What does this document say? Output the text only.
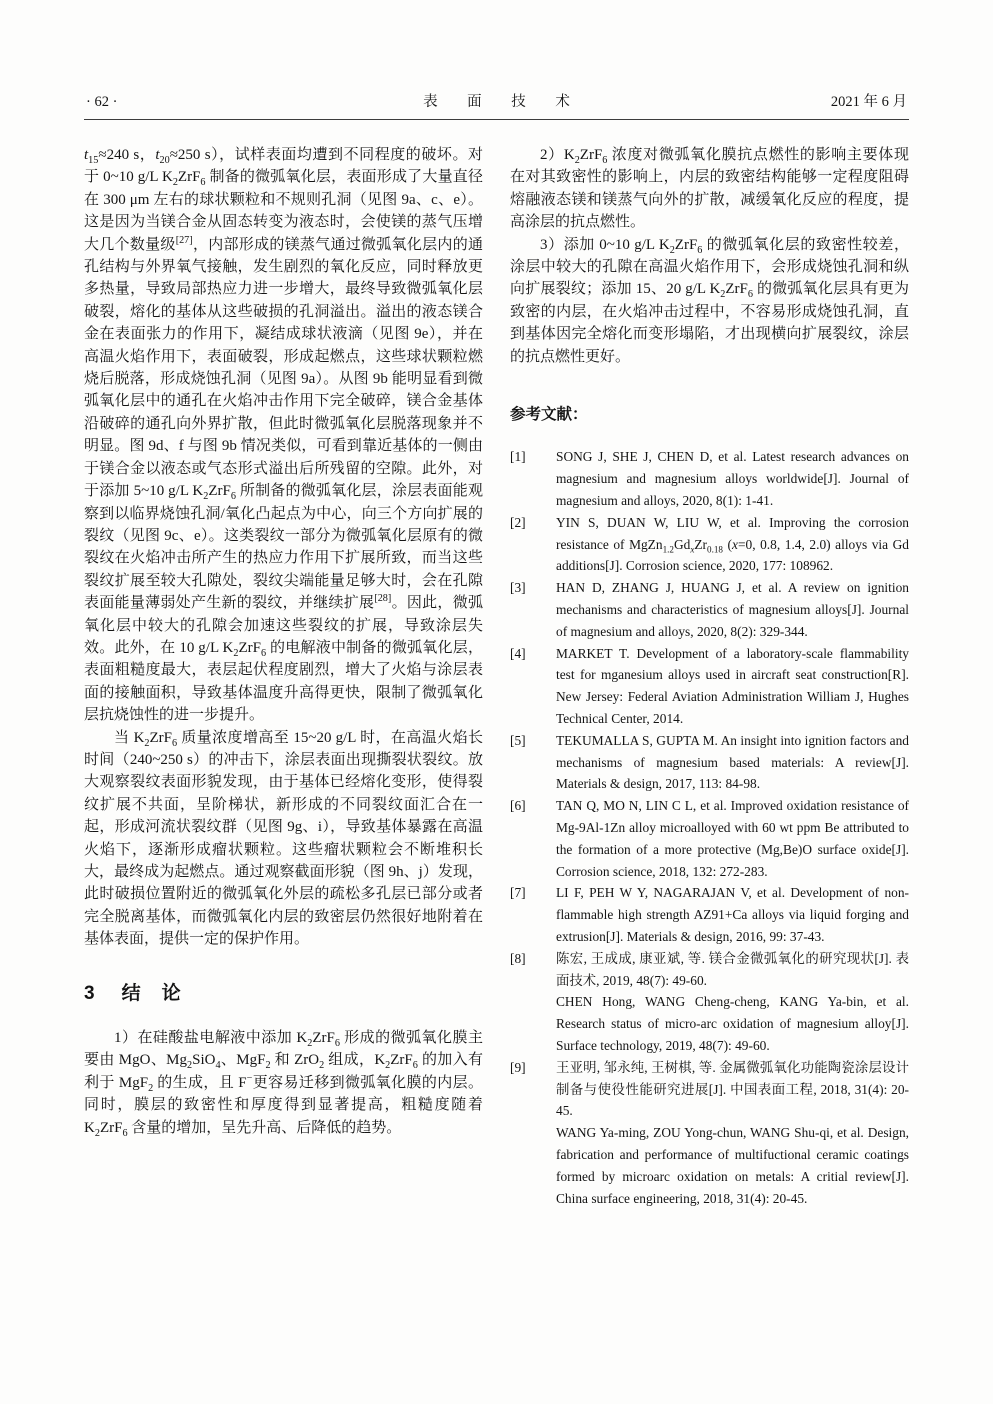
· 62 ·	表 面 技 术	2021 年 6 月

$t_{15}\approx 240$ s，$t_{20}\approx 250$ s），试样表面均遭到不同程度的破坏。对于 0~10 g/L $K_2ZrF_6$ 制备的微弧氧化层，表面形成了大量直径在 300 μm 左右的球状颗粒和不规则孔洞（见图 9a、c、e）。这是因为当镁合金从固态转变为液态时，会使镁的蒸气压增大几个数量级[27]，内部形成的镁蒸气通过微弧氧化层内的通孔结构与外界氧气接触，发生剧烈的氧化反应，同时释放更多热量，导致局部热应力进一步增大，最终导致微弧氧化层破裂，熔化的基体从这些破损的孔洞溢出。溢出的液态镁合金在表面张力的作用下，凝结成球状液滴（见图 9e），并在高温火焰作用下，表面破裂，形成起燃点，这些球状颗粒燃烧后脱落，形成烧蚀孔洞（见图 9a）。从图 9b 能明显看到微弧氧化层中的通孔在火焰冲击作用下完全破碎，镁合金基体沿破碎的通孔向外界扩散，但此时微弧氧化层脱落现象并不明显。图 9d、f 与图 9b 情况类似，可看到靠近基体的一侧由于镁合金以液态或气态形式溢出后所残留的空隙。此外，对于添加 5~10 g/L $K_2ZrF_6$ 所制备的微弧氧化层，涂层表面能观察到以临界烧蚀孔洞/氧化凸起点为中心，向三个方向扩展的裂纹（见图 9c、e）。这类裂纹一部分为微弧氧化层原有的微裂纹在火焰冲击所产生的热应力作用下扩展所致，而当这些裂纹扩展至较大孔隙处，裂纹尖端能量足够大时，会在孔隙表面能量薄弱处产生新的裂纹，并继续扩展[28]。因此，微弧氧化层中较大的孔隙会加速这些裂纹的扩展，导致涂层失效。此外，在 10 g/L $K_2ZrF_6$ 的电解液中制备的微弧氧化层，表面粗糙度最大，表层起伏程度剧烈，增大了火焰与涂层表面的接触面积，导致基体温度升高得更快，限制了微弧氧化层抗烧蚀性的进一步提升。

当 $K_2ZrF_6$ 质量浓度增高至 15~20 g/L 时，在高温火焰长时间（240~250 s）的冲击下，涂层表面出现撕裂状裂纹。放大观察裂纹表面形貌发现，由于基体已经熔化变形，使得裂纹扩展不共面，呈阶梯状，新形成的不同裂纹面汇合在一起，形成河流状裂纹群（见图 9g、i），导致基体暴露在高温火焰下，逐渐形成瘤状颗粒。这些瘤状颗粒会不断堆积长大，最终成为起燃点。通过观察截面形貌（图 9h、j）发现，此时破损位置附近的微弧氧化外层的疏松多孔层已部分或者完全脱离基体，而微弧氧化内层的致密层仍然很好地附着在基体表面，提供一定的保护作用。

3 结　论

1）在硅酸盐电解液中添加 $K_2ZrF_6$ 形成的微弧氧化膜主要由 MgO、$Mg_2SiO_4$、MgF$_2$ 和 ZrO$_2$ 组成，$K_2ZrF_6$ 的加入有利于 MgF$_2$ 的生成，且 F−更容易迁移到微弧氧化膜的内层。同时，膜层的致密性和厚度得到显著提高，粗糙度随着 $K_2ZrF_6$ 含量的增加，呈先升高、后降低的趋势。

$2)K_2ZrF_6$ 浓度对微弧氧化膜抗点燃性的影响主要体现在对其致密性的影响上，内层的致密结构能够一定程度阻碍熔融液态镁和镁蒸气向外的扩散，减缓氧化反应的程度，提高涂层的抗点燃性。

3）添加 0~10 g/L $K_2ZrF_6$ 的微弧氧化层的致密性较差，涂层中较大的孔隙在高温火焰作用下，会形成烧蚀孔洞和纵向扩展裂纹；添加 15、20 g/L $K_2ZrF_6$ 的微弧氧化层具有更为致密的内层，在火焰冲击过程中，不容易形成烧蚀孔洞，直到基体因完全熔化而变形塌陷，才出现横向扩展裂纹，涂层的抗点燃性更好。

参考文献：
[1]	SONG J, SHE J, CHEN D, et al. Latest research advances on magnesium and magnesium alloys worldwide[J]. Journal of magnesium and alloys, 2020, 8(1): 1-41.
[2]	YIN S, DUAN W, LIU W, et al. Improving the corrosion resistance of $MgZn_{1.2}Gd_xZr_{0.18}$ (x=0, 0.8, 1.4, 2.0) alloys via Gd additions[J]. Corrosion science, 2020, 177: 108962.
[3]	HAN D, ZHANG J, HUANG J, et al. A review on ignition mechanisms and characteristics of magnesium alloys[J]. Journal of magnesium and alloys, 2020, 8(2): 329-344.
[4]	MARKET T. Development of a laboratory-scale flammability test for mganesium alloys used in aircraft seat construction[R]. New Jersey: Federal Aviation Administration William J, Hughes Technical Center, 2014.
[5]	TEKUMALLA S, GUPTA M. An insight into ignition factors and mechanisms of magnesium based materials: A review[J]. Materials & design, 2017, 113: 84-98.
[6]	TAN Q, MO N, LIN C L, et al. Improved oxidation resistance of Mg-9Al-1Zn alloy microalloyed with 60 wt ppm Be attributed to the formation of a more protective (Mg,Be)O surface oxide[J]. Corrosion science, 2018, 132: 272-283.
[7]	LI F, PEH W Y, NAGARAJAN V, et al. Development of non-flammable high strength AZ91+Ca alloys via liquid forging and extrusion[J]. Materials & design, 2016, 99: 37-43.
[8]	陈宏, 王成成, 康亚斌, 等. 镁合金微弧氧化的研究现状[J]. 表面技术, 2019, 48(7): 49-60.
CHEN Hong, WANG Cheng-cheng, KANG Ya-bin, et al. Research status of micro-arc oxidation of magnesium alloy[J]. Surface technology, 2019, 48(7): 49-60.
[9]	王亚明, 邹永纯, 王树棋, 等. 金属微弧氧化功能陶瓷涂层设计制备与使役性能研究进展[J]. 中国表面工程, 2018, 31(4): 20-45.
WANG Ya-ming, ZOU Yong-chun, WANG Shu-qi, et al. Design, fabrication and performance of multifuctional ceramic coatings formed by microarc oxidation on metals: A critial review[J]. China surface engineering, 2018, 31(4): 20-45.
